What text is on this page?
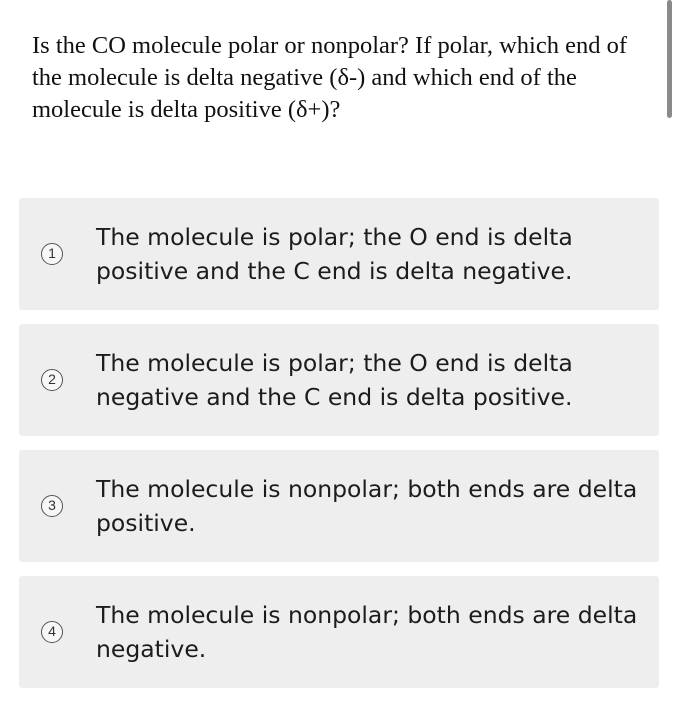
Is the CO molecule polar or nonpolar? If polar, which end of the molecule is delta negative (δ-) and which end of the molecule is delta positive (δ+)?
1
The molecule is polar; the O end is delta positive and the C end is delta negative.
2
The molecule is polar; the O end is delta negative and the C end is delta positive.
3
The molecule is nonpolar; both ends are delta positive.
4
The molecule is nonpolar; both ends are delta negative.
